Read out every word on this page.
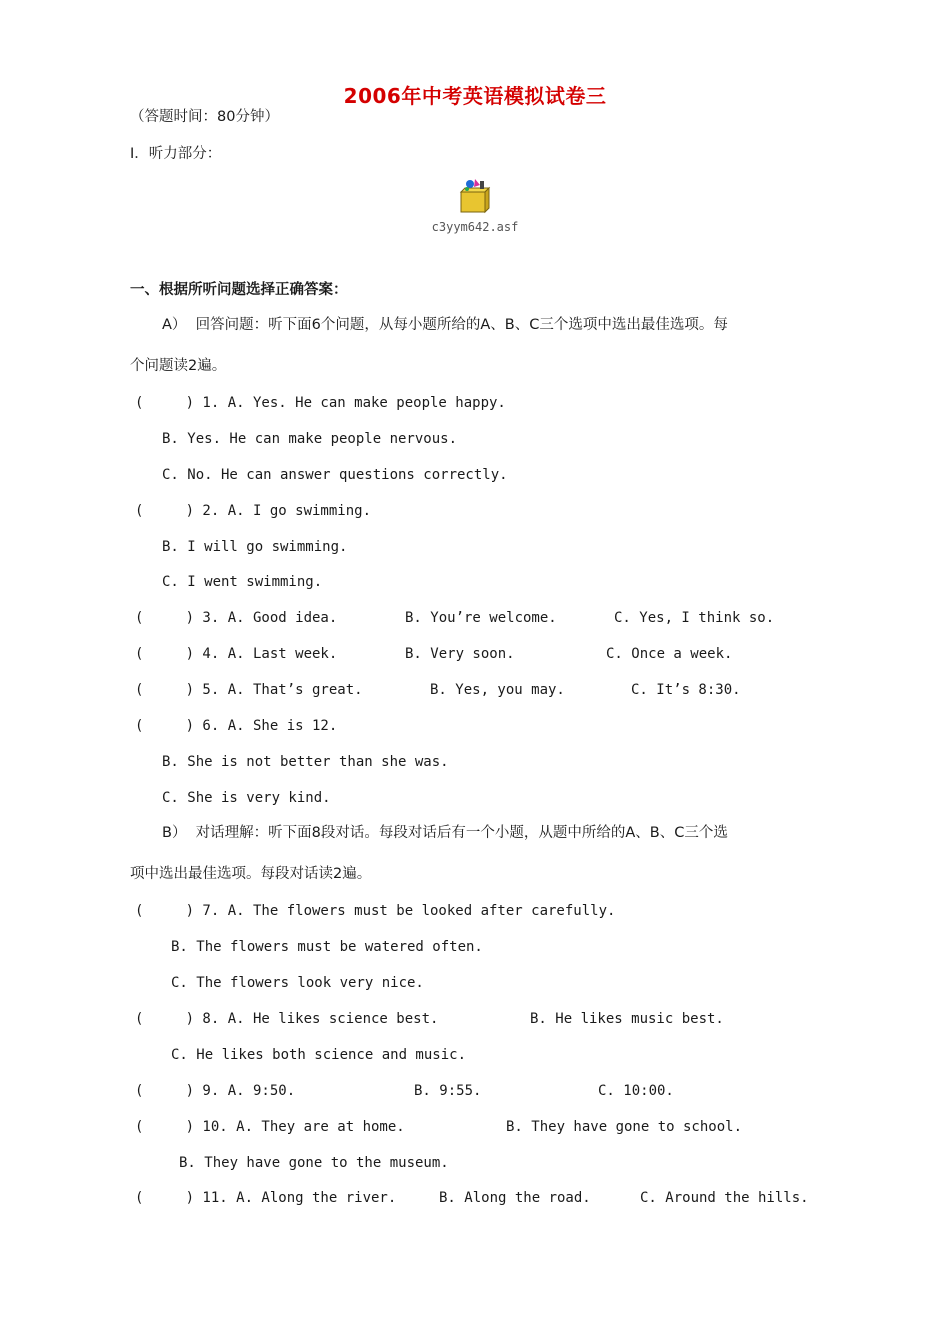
2006年中考英语模拟试卷三
（答题时间：80分钟）
Ⅰ．听力部分：
c3yym642.asf
一、根据所听问题选择正确答案：
A）  回答问题：听下面6个问题，从每小题所给的A、B、C三个选项中选出最佳选项。每
个问题读2遍。
(     ) 1. A. Yes. He can make people happy.
B. Yes. He can make people nervous.
C. No. He can answer questions correctly.
(     ) 2. A. I go swimming.
B. I will go swimming.
C. I went swimming.
(     ) 3. A. Good idea.	B. You’re welcome.	C. Yes, I think so.
(     ) 4. A. Last week.	B. Very soon.	C. Once a week.
(     ) 5. A. That’s great.	B. Yes, you may.	C. It’s 8:30.
(     ) 6. A. She is 12.
B. She is not better than she was.
C. She is very kind.
B）  对话理解：听下面8段对话。每段对话后有一个小题，从题中所给的A、B、C三个选
项中选出最佳选项。每段对话读2遍。
(     ) 7. A. The flowers must be looked after carefully.
B. The flowers must be watered often.
C. The flowers look very nice.
(     ) 8. A. He likes science best.	B. He likes music best.
C. He likes both science and music.
(     ) 9. A. 9:50.	B. 9:55.	C. 10:00.
(     ) 10. A. They are at home.	B. They have gone to school.
B. They have gone to the museum.
(     ) 11. A. Along the river.	B. Along the road.	C. Around the hills.
